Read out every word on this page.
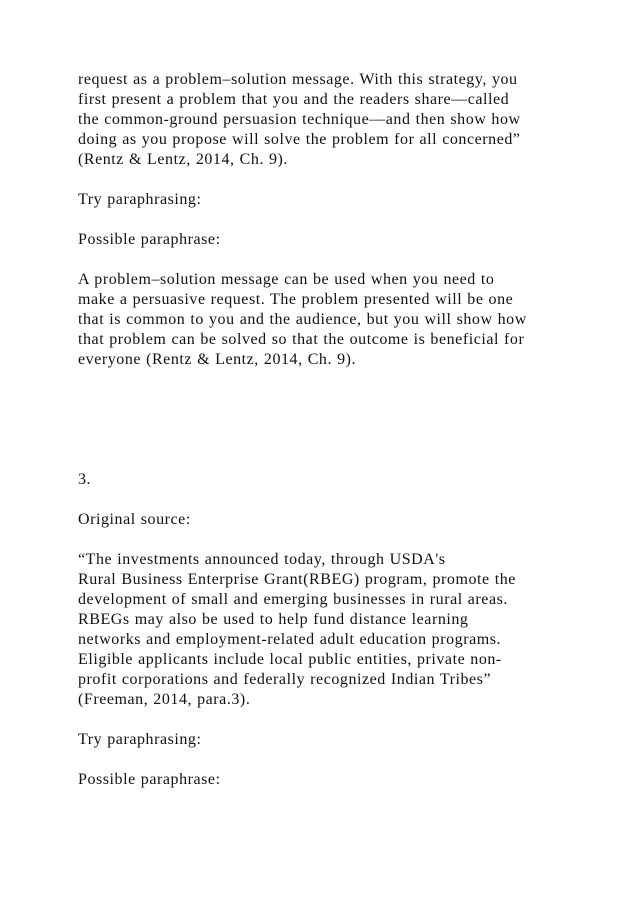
request as a problem–solution message. With this strategy, you
first present a problem that you and the readers share—called
the common-ground persuasion technique—and then show how
doing as you propose will solve the problem for all concerned”
(Rentz & Lentz, 2014, Ch. 9).
Try paraphrasing:
Possible paraphrase:
A problem–solution message can be used when you need to
make a persuasive request. The problem presented will be one
that is common to you and the audience, but you will show how
that problem can be solved so that the outcome is beneficial for
everyone (Rentz & Lentz, 2014, Ch. 9).
3.
Original source:
“The investments announced today, through USDA's
Rural Business Enterprise Grant(RBEG) program, promote the
development of small and emerging businesses in rural areas.
RBEGs may also be used to help fund distance learning
networks and employment-related adult education programs.
Eligible applicants include local public entities, private non-
profit corporations and federally recognized Indian Tribes”
(Freeman, 2014, para.3).
Try paraphrasing:
Possible paraphrase:
